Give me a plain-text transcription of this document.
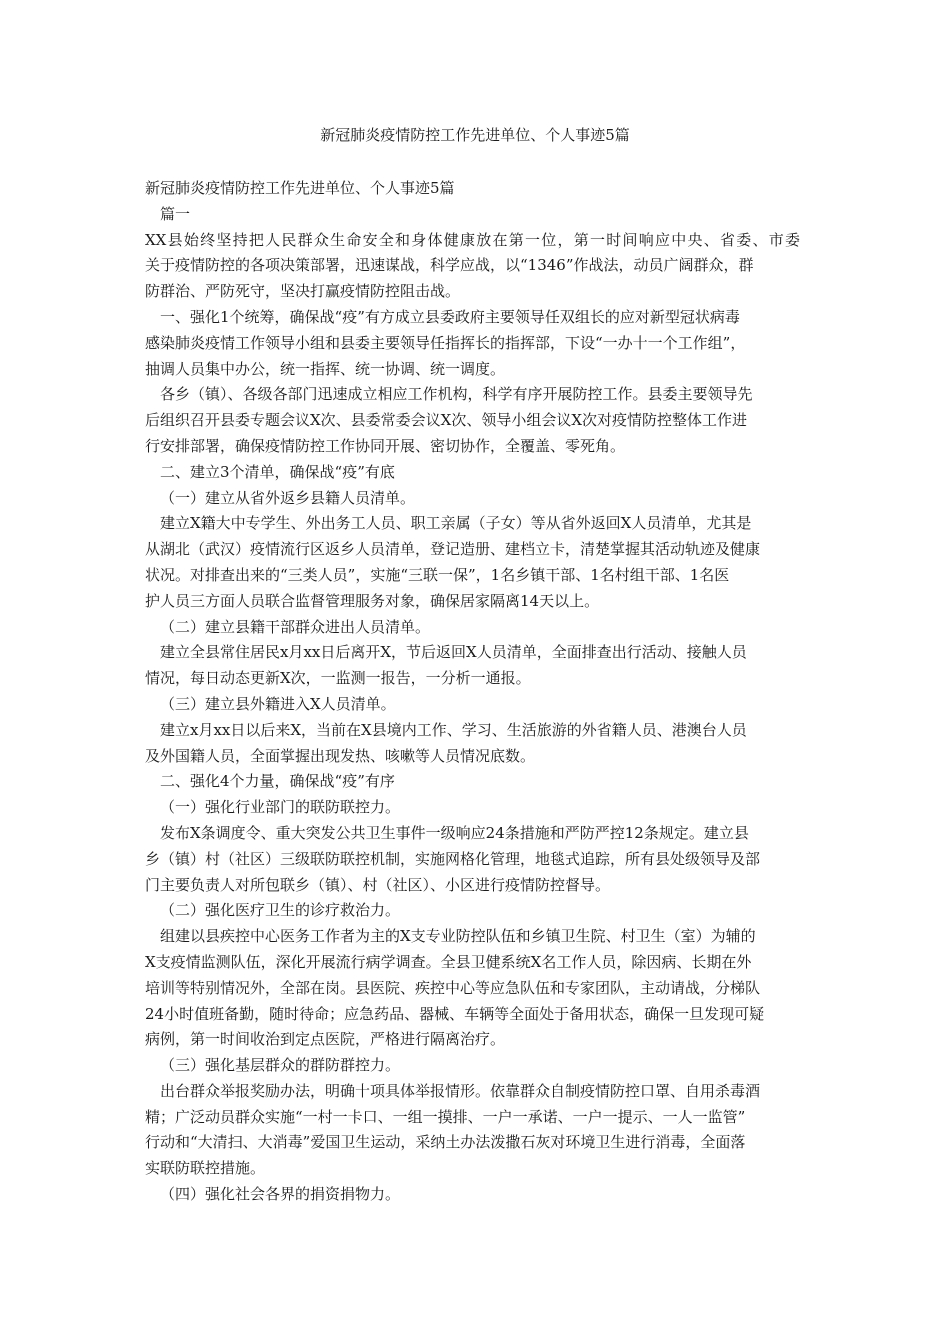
新冠肺炎疫情防控工作先进单位、个人事迹5篇

新冠肺炎疫情防控工作先进单位、个人事迹5篇

篇一

XX县始终坚持把人民群众生命安全和身体健康放在第一位，第一时间响应中央、省委、市委

关于疫情防控的各项决策部署，迅速谋战，科学应战，以“1346”作战法，动员广阔群众，群

防群治、严防死守，坚决打赢疫情防控阻击战。

一、强化1个统筹，确保战“疫”有方成立县委政府主要领导任双组长的应对新型冠状病毒

感染肺炎疫情工作领导小组和县委主要领导任指挥长的指挥部，下设“一办十一个工作组”，

抽调人员集中办公，统一指挥、统一协调、统一调度。

各乡（镇）、各级各部门迅速成立相应工作机构，科学有序开展防控工作。县委主要领导先

后组织召开县委专题会议X次、县委常委会议X次、领导小组会议X次对疫情防控整体工作进

行安排部署，确保疫情防控工作协同开展、密切协作，全覆盖、零死角。

二、建立3个清单，确保战“疫”有底

（一）建立从省外返乡县籍人员清单。

建立X籍大中专学生、外出务工人员、职工亲属（子女）等从省外返回X人员清单，尤其是

从湖北（武汉）疫情流行区返乡人员清单，登记造册、建档立卡，清楚掌握其活动轨迹及健康

状况。对排查出来的“三类人员”，实施“三联一保”，1名乡镇干部、1名村组干部、1名医

护人员三方面人员联合监督管理服务对象，确保居家隔离14天以上。

（二）建立县籍干部群众进出人员清单。

建立全县常住居民x月xx日后离开X，节后返回X人员清单，全面排查出行活动、接触人员

情况，每日动态更新X次，一监测一报告，一分析一通报。

（三）建立县外籍进入X人员清单。

建立x月xx日以后来X，当前在X县境内工作、学习、生活旅游的外省籍人员、港澳台人员

及外国籍人员，全面掌握出现发热、咳嗽等人员情况底数。

二、强化4个力量，确保战“疫”有序

（一）强化行业部门的联防联控力。

发布X条调度令、重大突发公共卫生事件一级响应24条措施和严防严控12条规定。建立县

乡（镇）村（社区）三级联防联控机制，实施网格化管理，地毯式追踪，所有县处级领导及部

门主要负责人对所包联乡（镇）、村（社区）、小区进行疫情防控督导。

（二）强化医疗卫生的诊疗救治力。

组建以县疾控中心医务工作者为主的X支专业防控队伍和乡镇卫生院、村卫生（室）为辅的

X支疫情监测队伍，深化开展流行病学调查。全县卫健系统X名工作人员，除因病、长期在外

培训等特别情况外，全部在岗。县医院、疾控中心等应急队伍和专家团队，主动请战，分梯队

24小时值班备勤，随时待命；应急药品、器械、车辆等全面处于备用状态，确保一旦发现可疑

病例，第一时间收治到定点医院，严格进行隔离治疗。

（三）强化基层群众的群防群控力。

出台群众举报奖励办法，明确十项具体举报情形。依靠群众自制疫情防控口罩、自用杀毒酒

精；广泛动员群众实施“一村一卡口、一组一摸排、一户一承诺、一户一提示、一人一监管”

行动和“大清扫、大消毒”爱国卫生运动，采纳土办法泼撒石灰对环境卫生进行消毒，全面落

实联防联控措施。

（四）强化社会各界的捐资捐物力。
